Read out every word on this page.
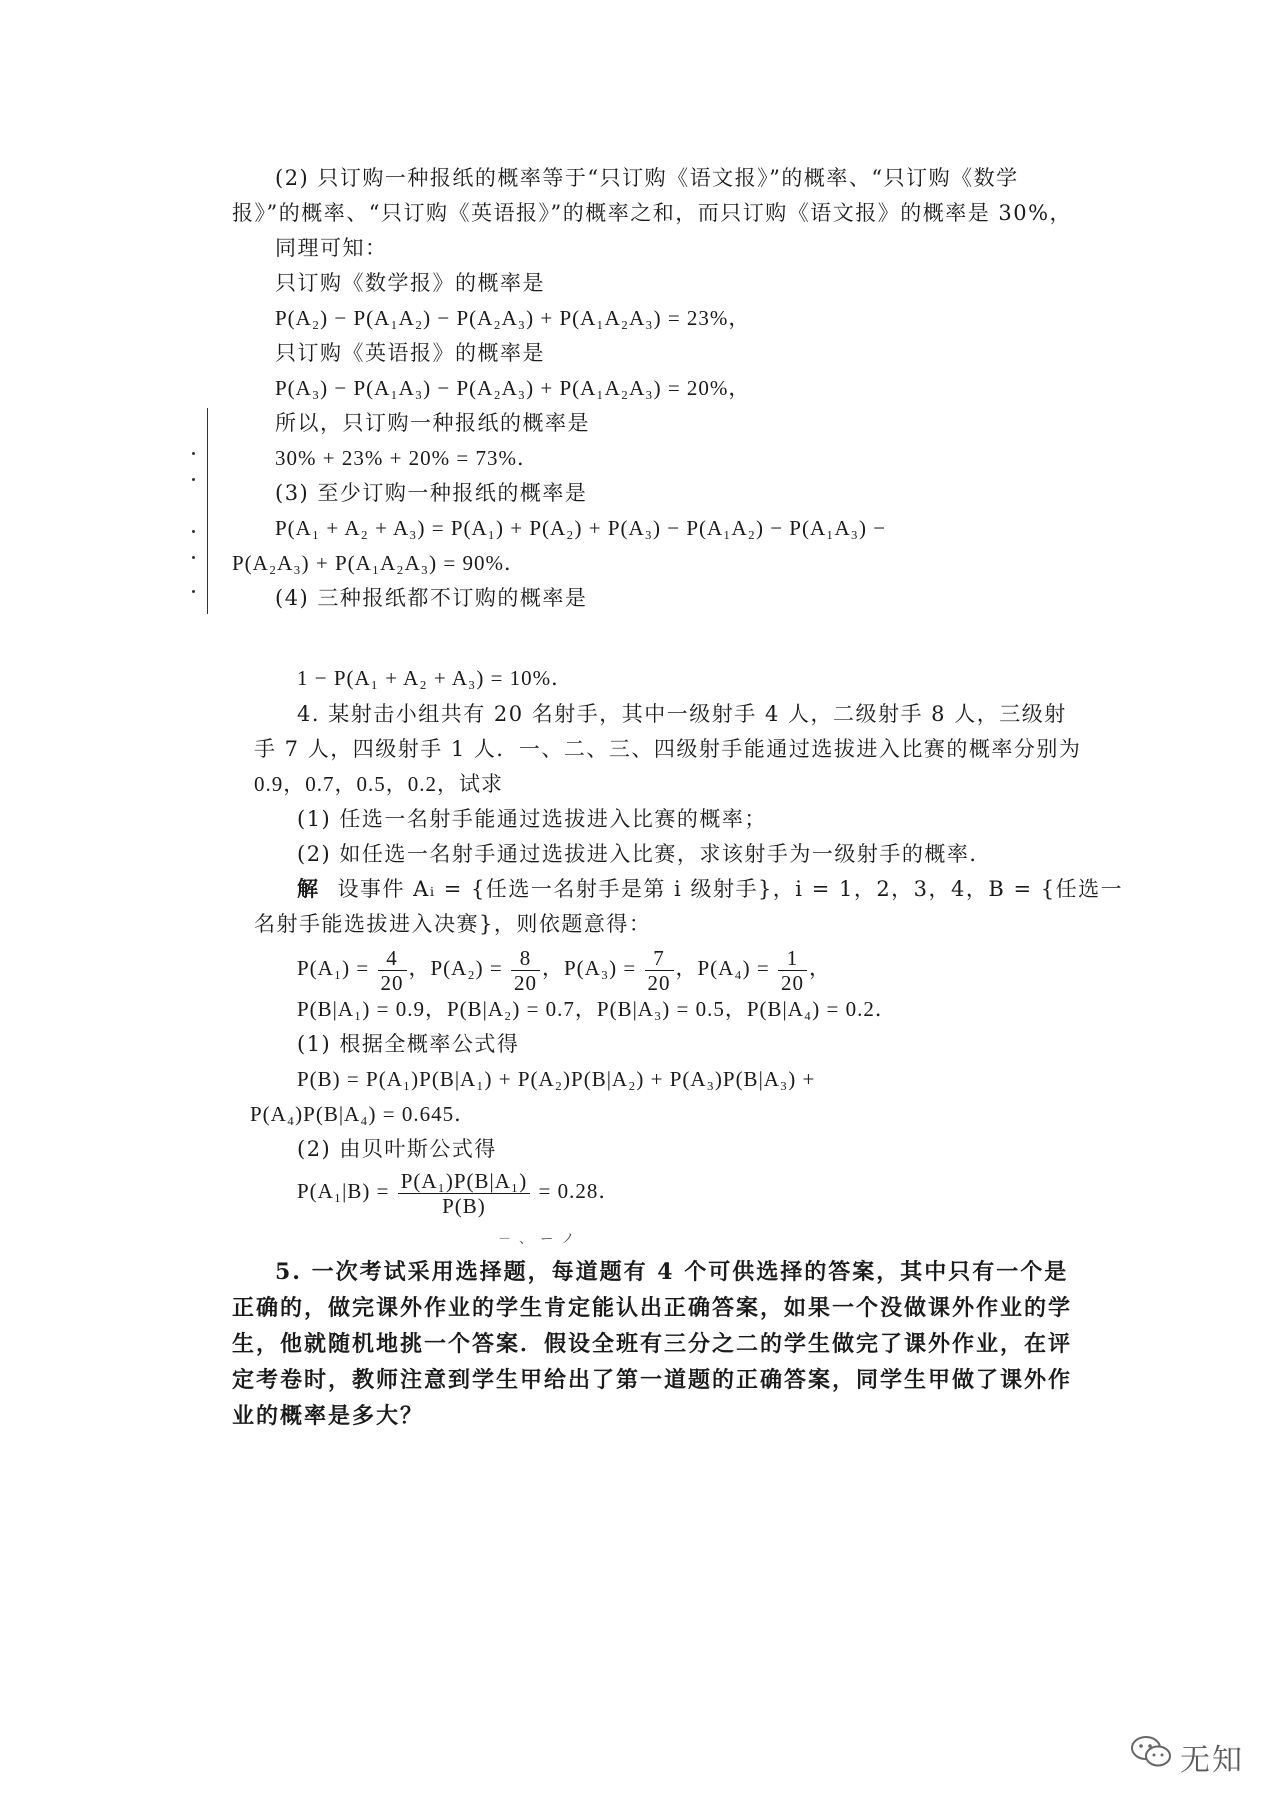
(2) 只订购一种报纸的概率等于“只订购《语文报》”的概率、“只订购《数学
报》”的概率、“只订购《英语报》”的概率之和，而只订购《语文报》的概率是 30%，
同理可知：
只订购《数学报》的概率是
P(A₂) − P(A₁A₂) − P(A₂A₃) + P(A₁A₂A₃) = 23%，
只订购《英语报》的概率是
P(A₃) − P(A₁A₃) − P(A₂A₃) + P(A₁A₂A₃) = 20%，
所以，只订购一种报纸的概率是
30% + 23% + 20% = 73%．
(3) 至少订购一种报纸的概率是
P(A₁ + A₂ + A₃) = P(A₁) + P(A₂) + P(A₃) − P(A₁A₂) − P(A₁A₃) −
P(A₂A₃) + P(A₁A₂A₃) = 90%．
(4) 三种报纸都不订购的概率是
1 − P(A₁ + A₂ + A₃) = 10%．
4. 某射击小组共有 20 名射手，其中一级射手 4 人，二级射手 8 人，三级射
手 7 人，四级射手 1 人．一、二、三、四级射手能通过选拔进入比赛的概率分别为
0.9，0.7，0.5，0.2，试求
(1) 任选一名射手能通过选拔进入比赛的概率；
(2) 如任选一名射手通过选拔进入比赛，求该射手为一级射手的概率．
解 设事件 Aᵢ = {任选一名射手是第 i 级射手}，i = 1，2，3，4，B = {任选一
名射手能选拔进入决赛}，则依题意得：
$P(A_1) = \frac{4}{20}$ ，$P(A_2) = \frac{8}{20}$ ，$P(A_3) = \frac{7}{20}$ ，$P(A_4) = \frac{1}{20}$ ，
P(B|A₁) = 0.9，P(B|A₂) = 0.7，P(B|A₃) = 0.5，P(B|A₄) = 0.2．
(1) 根据全概率公式得
P(B) = P(A₁)P(B|A₁) + P(A₂)P(B|A₂) + P(A₃)P(B|A₃) +
P(A₄)P(B|A₄) = 0.645．
(2) 由贝叶斯公式得
$P(A_1|B) = \frac{\text{P(A₁)P(B|A₁)}}{P(B)} = 0.28$．
－ 、 ー ノ
5. 一次考试采用选择题，每道题有 4 个可供选择的答案，其中只有一个是
正确的，做完课外作业的学生肯定能认出正确答案，如果一个没做课外作业的学
生，他就随机地挑一个答案．假设全班有三分之二的学生做完了课外作业，在评
定考卷时，教师注意到学生甲给出了第一道题的正确答案，同学生甲做了课外作
业的概率是多大？
无知
